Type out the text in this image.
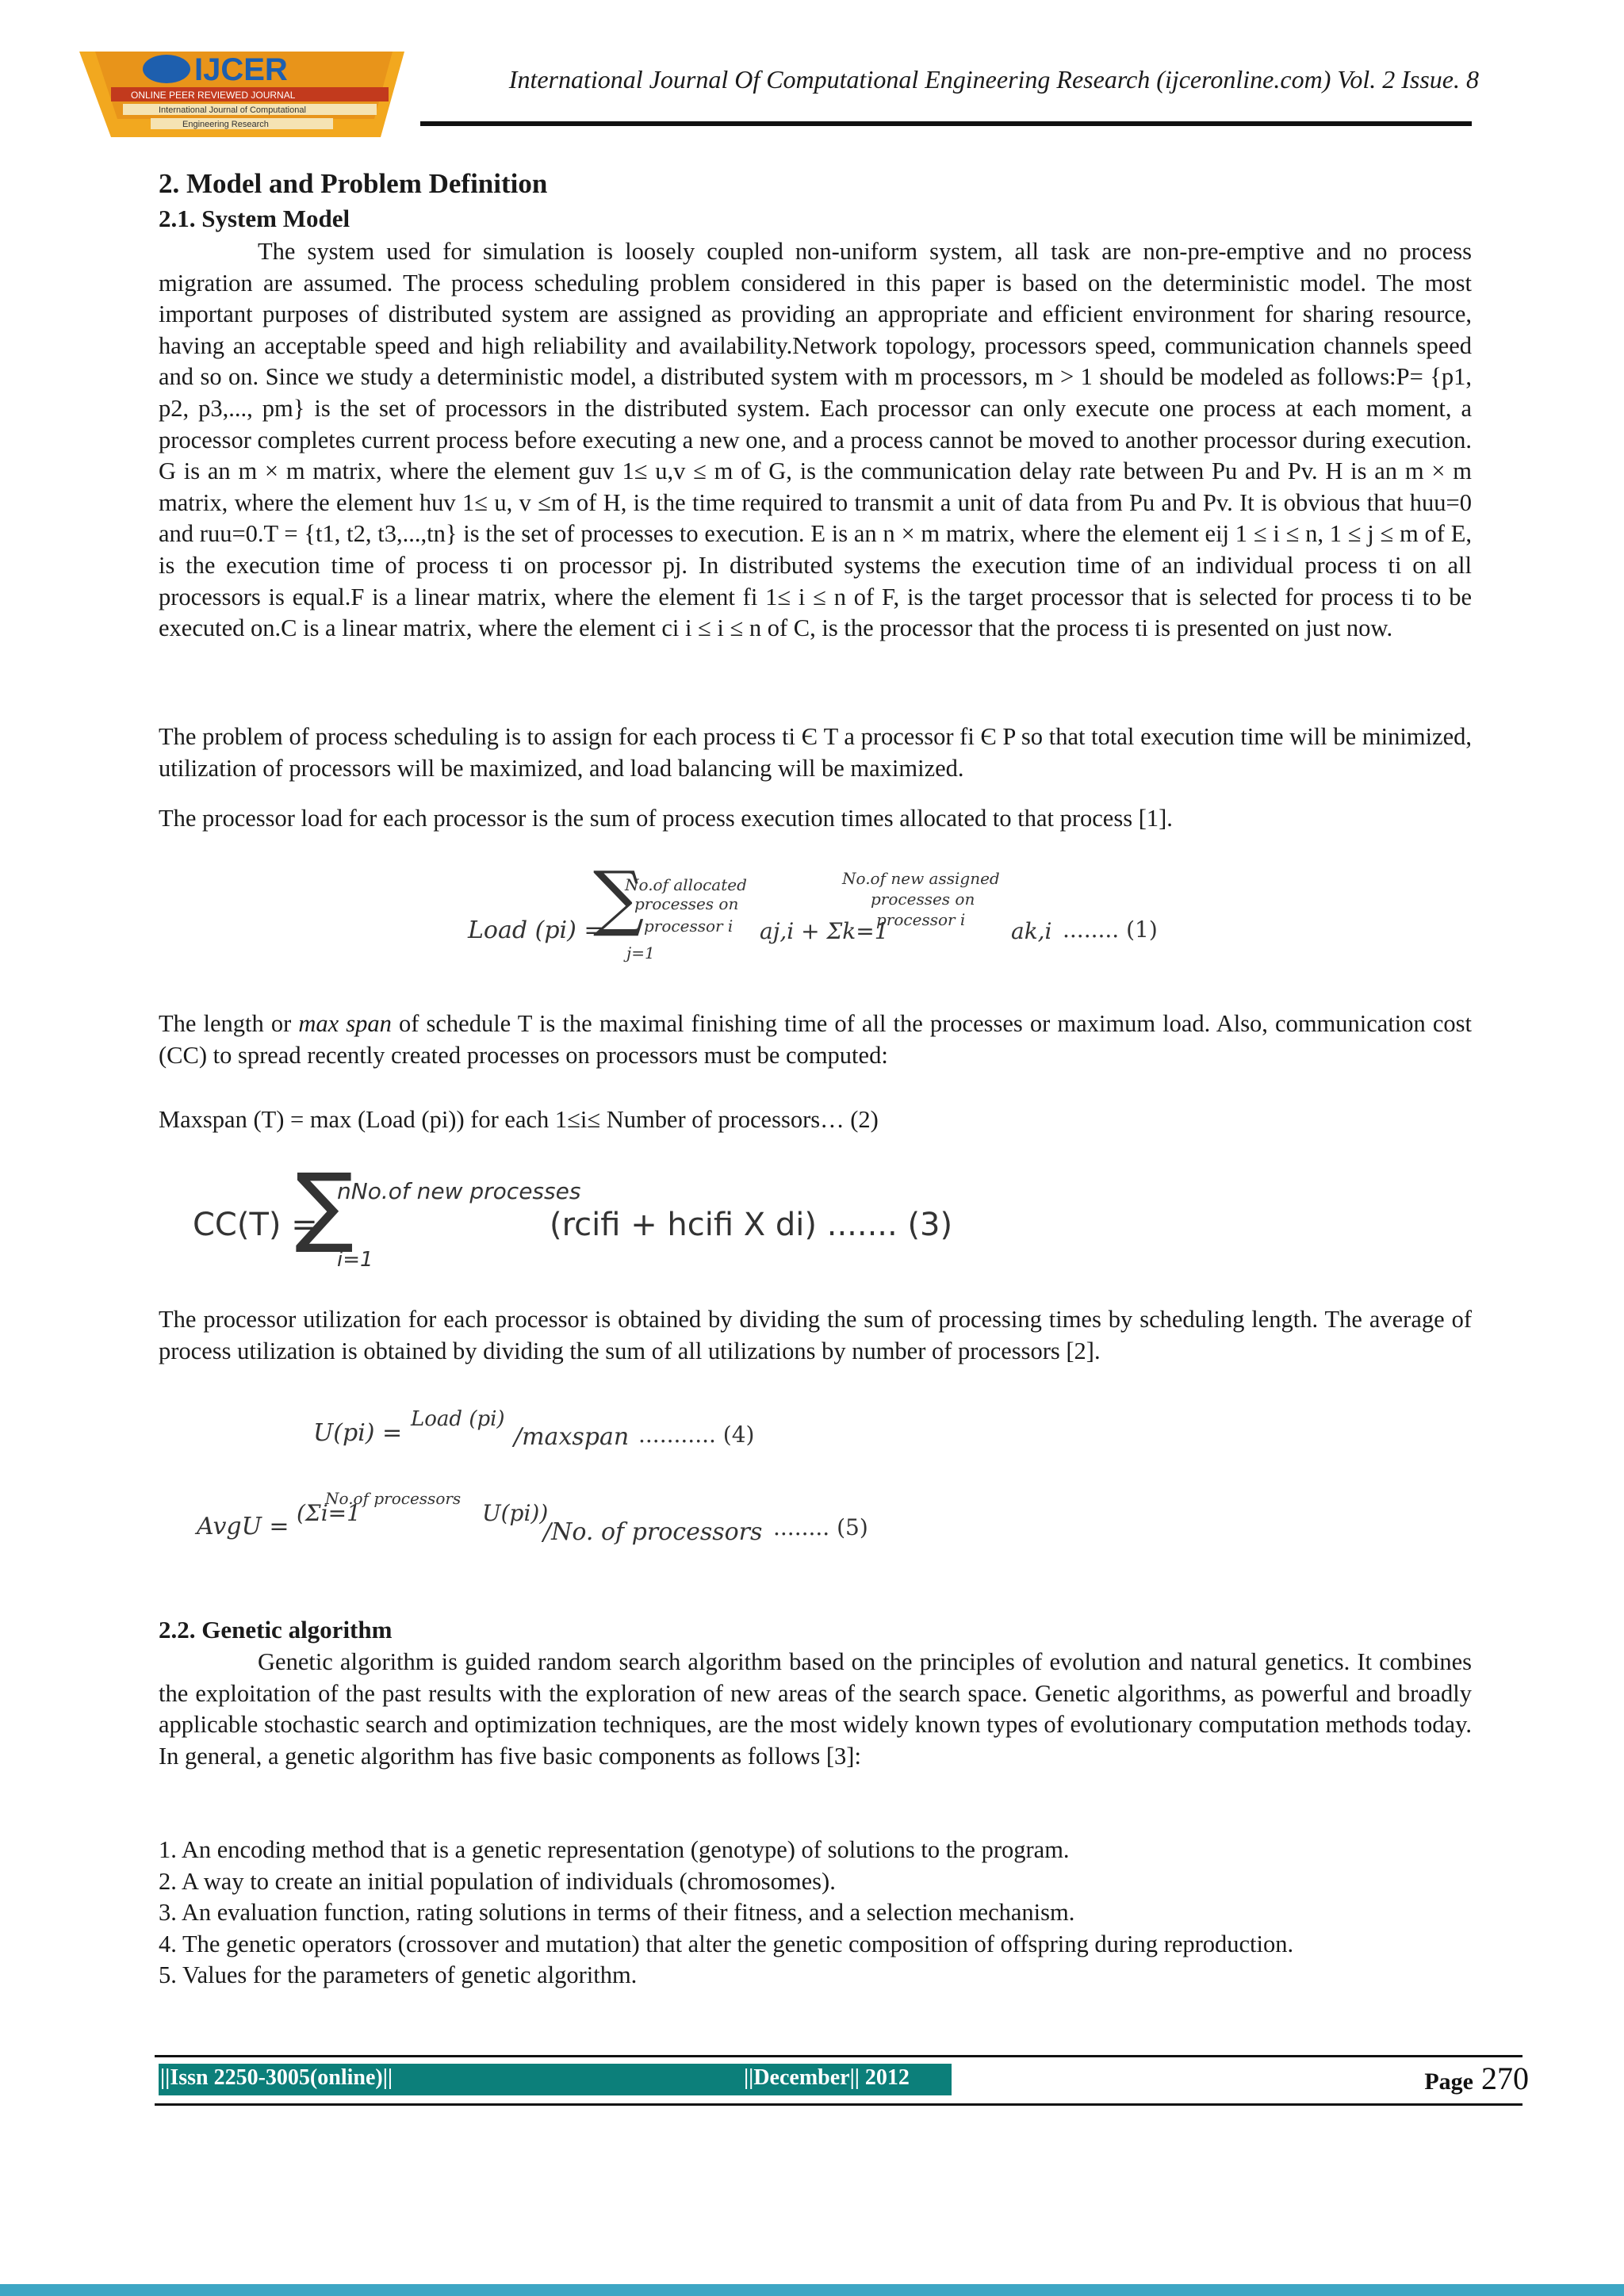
IJCER
ONLINE PEER REVIEWED JOURNAL
International Journal of Computational
Engineering Research
International Journal Of Computational Engineering Research (ijceronline.com) Vol. 2 Issue. 8
2. Model and Problem Definition
2.1. System Model
The system used for simulation is loosely coupled non-uniform system, all task are non-pre-emptive and no process migration are assumed. The process scheduling problem considered in this paper is based on the deterministic model. The most important purposes of distributed system are assigned as providing an appropriate and efficient environment for sharing resource, having an acceptable speed and high reliability and availability.Network topology, processors speed, communication channels speed and so on. Since we study a deterministic model, a distributed system with m processors, m > 1 should be modeled as follows:P= {p1, p2, p3,..., pm} is the set of processors in the distributed system. Each processor can only execute one process at each moment, a processor completes current process before executing a new one, and a process cannot be moved to another processor during execution. G is an m × m matrix, where the element guv 1≤ u,v ≤ m of G, is the communication delay rate between Pu and Pv. H is an m × m matrix, where the element huv 1≤ u, v ≤m of H, is the time required to transmit a unit of data from Pu and Pv. It is obvious that huu=0 and ruu=0.T = {t1, t2, t3,...,tn} is the set of processes to execution. E is an n × m matrix, where the element eij 1 ≤ i ≤ n, 1 ≤ j ≤ m of E, is the execution time of process ti on processor pj. In distributed systems the execution time of an individual process ti on all processors is equal.F is a linear matrix, where the element fi 1≤ i ≤ n of F, is the target processor that is selected for process ti to be executed on.C is a linear matrix, where the element ci i ≤ i ≤ n of C, is the processor that the process ti is presented on just now.
The problem of process scheduling is to assign for each process ti Є T a processor fi Є P so that total execution time will be minimized, utilization of processors will be maximized, and load balancing will be maximized.
The processor load for each processor is the sum of process execution times allocated to that process [1].
Load (pi) =
∑
No.of allocated
processes on
processor i
j=1
aj,i + Σk=1
No.of new assigned
processes on
processor i ak,i ........ (1)
The length or max span of schedule T is the maximal finishing time of all the processes or maximum load. Also, communication cost (CC) to spread recently created processes on processors must be computed:
Maxspan (T) = max (Load (pi)) for each 1≤i≤ Number of processors… (2)
CC(T) =
∑
nNo.of new processes
i=1
(rcifi + hcifi X di) ....... (3)
The processor utilization for each processor is obtained by dividing the sum of processing times by scheduling length. The average of process utilization is obtained by dividing the sum of all utilizations by number of processors [2].
U(pi) = Load (pi)
/maxspan ........... (4)
AvgU =
No.of processors
(Σi=1	U(pi))
/No. of processors ........ (5)
2.2. Genetic algorithm
Genetic algorithm is guided random search algorithm based on the principles of evolution and natural genetics. It combines the exploitation of the past results with the exploration of new areas of the search space. Genetic algorithms, as powerful and broadly applicable stochastic search and optimization techniques, are the most widely known types of evolutionary computation methods today. In general, a genetic algorithm has five basic components as follows [3]:
1. An encoding method that is a genetic representation (genotype) of solutions to the program.
2. A way to create an initial population of individuals (chromosomes).
3. An evaluation function, rating solutions in terms of their fitness, and a selection mechanism.
4. The genetic operators (crossover and mutation) that alter the genetic composition of offspring during reproduction.
5. Values for the parameters of genetic algorithm.
||Issn 2250-3005(online)||	||December|| 2012	Page 270
